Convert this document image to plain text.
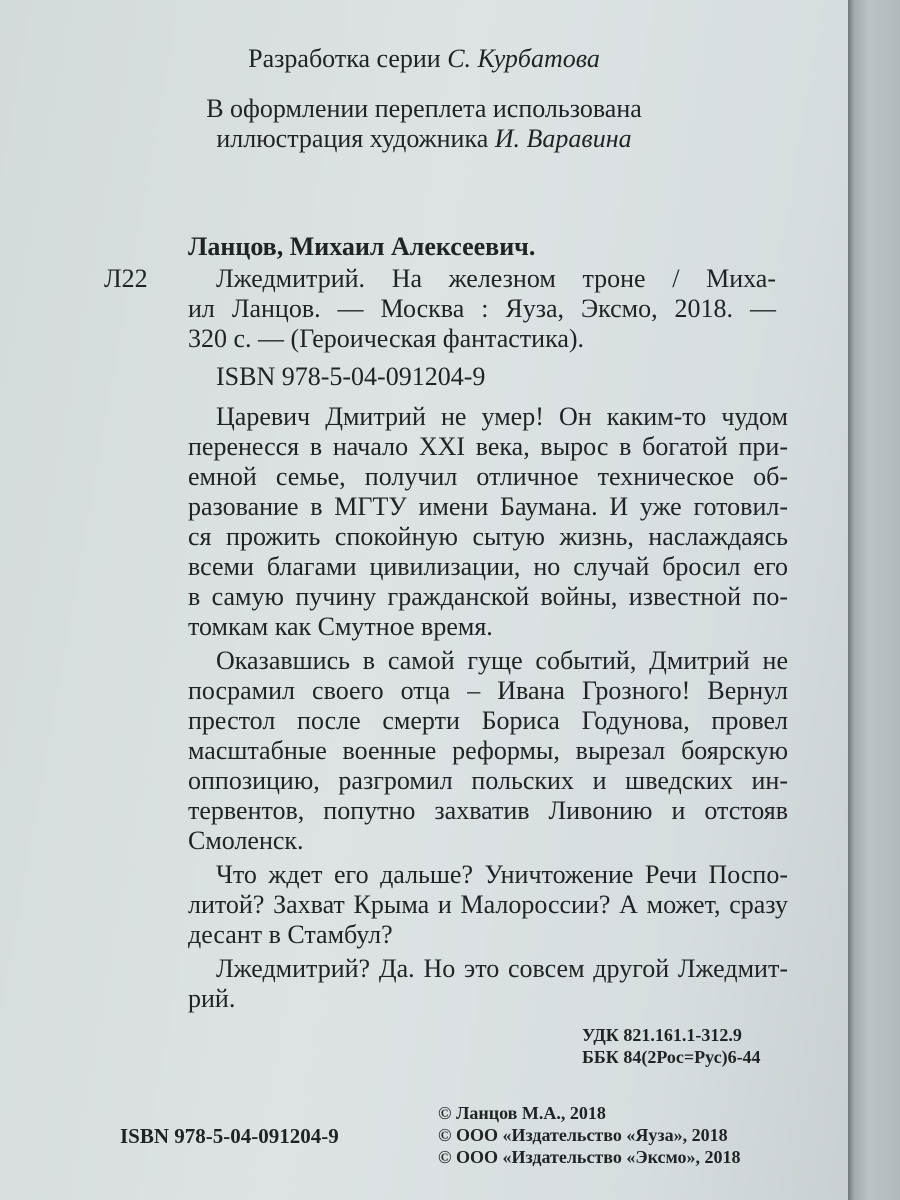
Разработка серии С. Курбатова
В оформлении переплета использована
иллюстрация художника И. Варавина
Ланцов, Михаил Алексеевич.
Л22	Лжедмитрий. На железном троне / Миха-
ил Ланцов. — Москва : Яуза, Эксмо, 2018. —
320 с. — (Героическая фантастика).
ISBN 978-5-04-091204-9
Царевич Дмитрий не умер! Он каким-то чудом
перенесся в начало XXI века, вырос в богатой при-
емной семье, получил отличное техническое об-
разование в МГТУ имени Баумана. И уже готовил-
ся прожить спокойную сытую жизнь, наслаждаясь
всеми благами цивилизации, но случай бросил его
в самую пучину гражданской войны, известной по-
томкам как Смутное время.
Оказавшись в самой гуще событий, Дмитрий не
посрамил своего отца – Ивана Грозного! Вернул
престол после смерти Бориса Годунова, провел
масштабные военные реформы, вырезал боярскую
оппозицию, разгромил польских и шведских ин-
тервентов, попутно захватив Ливонию и отстояв
Смоленск.
Что ждет его дальше? Уничтожение Речи Поспо-
литой? Захват Крыма и Малороссии? А может, сразу
десант в Стамбул?
Лжедмитрий? Да. Но это совсем другой Лжедмит-
рий.
УДК 821.161.1-312.9
ББК 84(2Рос=Рус)6-44
ISBN 978-5-04-091204-9
© Ланцов М.А., 2018
© ООО «Издательство «Яуза», 2018
© ООО «Издательство «Эксмо», 2018
